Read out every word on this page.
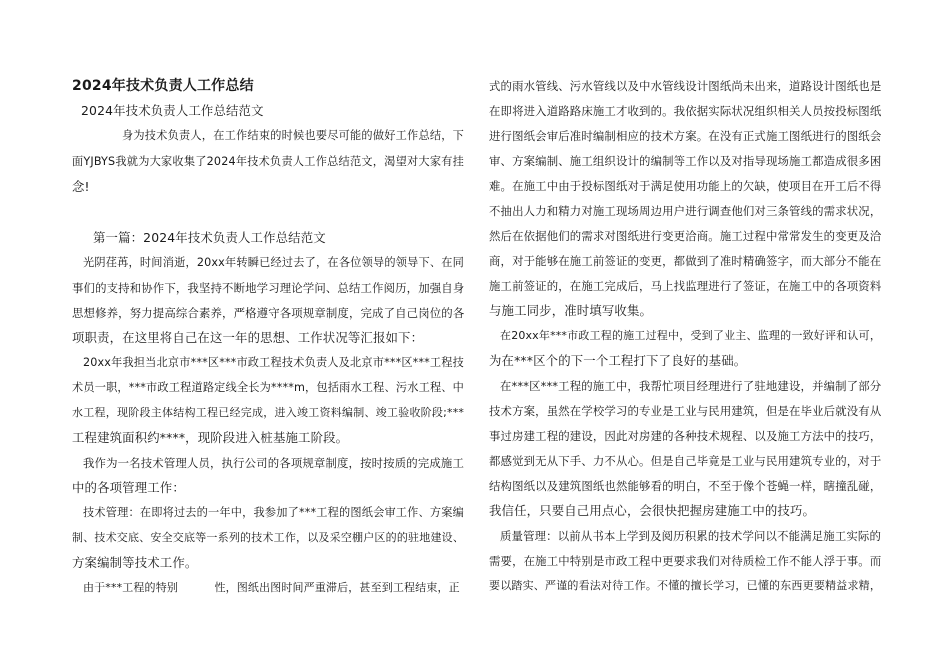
2024年技术负责人工作总结
2024年技术负责人工作总结范文
身为技术负责人，在工作结束的时候也要尽可能的做好工作总结，下
面YJBYS我就为大家收集了2024年技术负责人工作总结范文，渴望对大家有挂
念!
第一篇：2024年技术负责人工作总结范文
光阴荏苒，时间消逝，20xx年转瞬已经过去了，在各位领导的领导下、在同
事们的支持和协作下，我坚持不断地学习理论学问、总结工作阅历，加强自身
思想修养，努力提高综合素养，严格遵守各项规章制度，完成了自己岗位的各
项职责，在这里将自己在这一年的思想、工作状况等汇报如下：
20xx年我担当北京市***区***市政工程技术负责人及北京市***区***工程技
术员一职，***市政工程道路定线全长为****m，包括雨水工程、污水工程、中
水工程，现阶段主体结构工程已经完成，进入竣工资料编制、竣工验收阶段;***
工程建筑面积约****，现阶段进入桩基施工阶段。
我作为一名技术管理人员，执行公司的各项规章制度，按时按质的完成施工
中的各项管理工作：
技术管理：在即将过去的一年中，我参加了***工程的图纸会审工作、方案编
制、技术交底、安全交底等一系列的技术工作，以及采空棚户区的的驻地建设、
方案编制等技术工作。
由于***工程的特别          性，图纸出图时间严重滞后，甚至到工程结束，正
式的雨水管线、污水管线以及中水管线设计图纸尚未出来，道路设计图纸也是
在即将进入道路路床施工才收到的。我依据实际状况组织相关人员按投标图纸
进行图纸会审后准时编制相应的技术方案。在没有正式施工图纸进行的图纸会
审、方案编制、施工组织设计的编制等工作以及对指导现场施工都造成很多困
难。在施工中由于投标图纸对于满足使用功能上的欠缺，使项目在开工后不得
不抽出人力和精力对施工现场周边用户进行调查他们对三条管线的需求状况，
然后在依据他们的需求对图纸进行变更洽商。施工过程中常常发生的变更及洽
商，对于能够在施工前签证的变更，都做到了准时精确签字，而大部分不能在
施工前签证的，在施工完成后，马上找监理进行了签证，在施工中的各项资料
与施工同步，准时填写收集。
在20xx年***市政工程的施工过程中，受到了业主、监理的一致好评和认可，
为在***区个的下一个工程打下了良好的基础。
在***区***工程的施工中，我帮忙项目经理进行了驻地建设，并编制了部分
技术方案，虽然在学校学习的专业是工业与民用建筑，但是在毕业后就没有从
事过房建工程的建设，因此对房建的各种技术规程、以及施工方法中的技巧，
都感觉到无从下手、力不从心。但是自己毕竟是工业与民用建筑专业的，对于
结构图纸以及建筑图纸也然能够看的明白，不至于像个苍蝇一样，瞎撞乱碰，
我信任，只要自己用点心，会很快把握房建施工中的技巧。
质量管理：以前从书本上学到及阅历积累的技术学问以不能满足施工实际的
需要，在施工中特别是市政工程中更要求我们对待质检工作不能人浮于事。而
要以踏实、严谨的看法对待工作。不懂的擅长学习，已懂的东西更要精益求精，
